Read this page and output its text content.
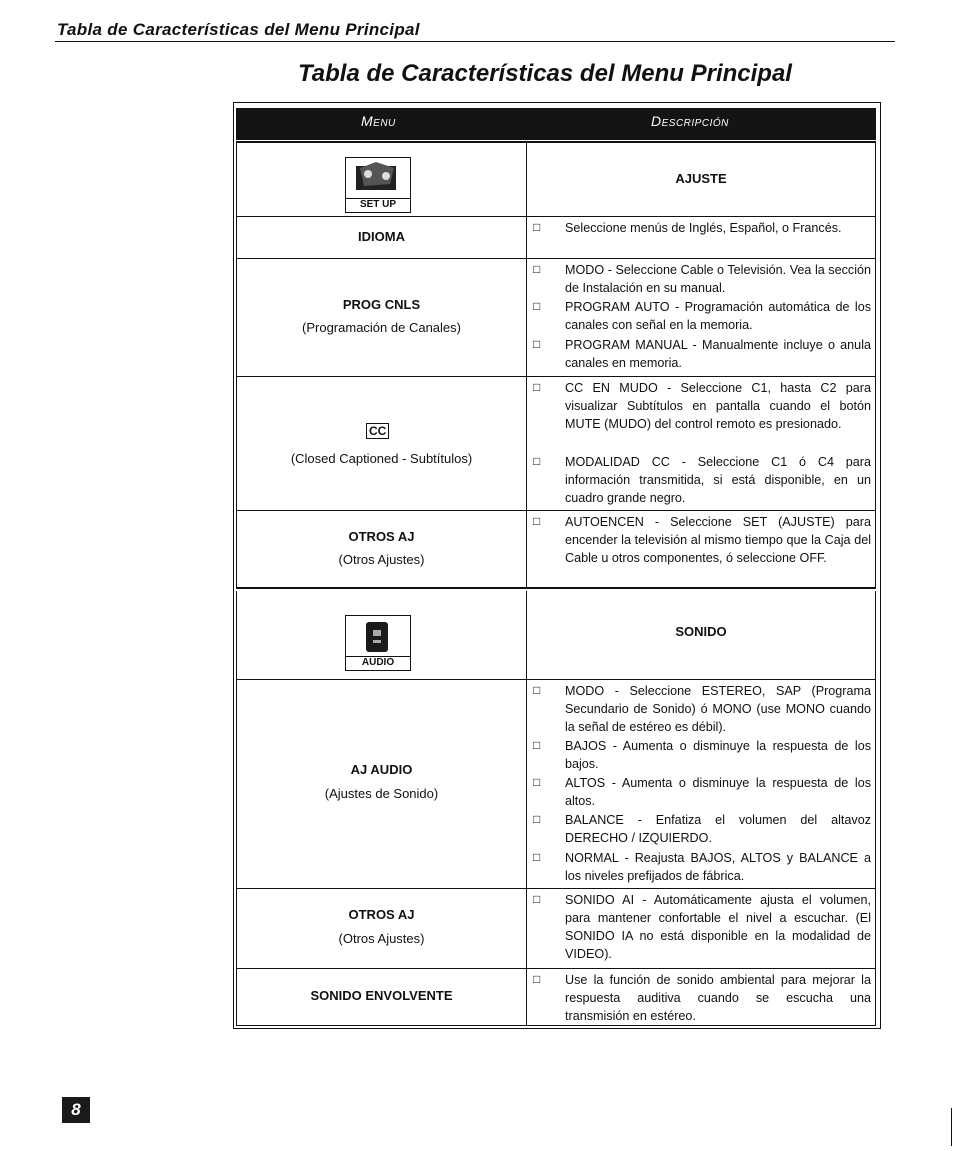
Tabla de Características del Menu Principal
Tabla de Características del Menu Principal
Menu	Descripción
SET UP
AJUSTE
IDIOMA
□ Seleccione menús de Inglés, Español, o Francés.
PROG CNLS
(Programación de Canales)
□ MODO - Seleccione Cable o Televisión. Vea la sección de Instalación en su manual.
□ PROGRAM AUTO - Programación automática de los canales con señal en la memoria.
□ PROGRAM MANUAL - Manualmente incluye o anula canales en memoria.
CC
(Closed Captioned - Subtítulos)
□ CC EN MUDO - Seleccione C1, hasta C2 para visualizar Subtítulos en pantalla cuando el botón MUTE (MUDO) del control remoto es presionado.
□ MODALIDAD CC - Seleccione C1 ó C4 para información transmitida, si está disponible, en un cuadro grande negro.
OTROS AJ
(Otros Ajustes)
□ AUTOENCEN - Seleccione SET (AJUSTE) para encender la televisión al mismo tiempo que la Caja del Cable u otros componentes, ó seleccione OFF.
AUDIO
SONIDO
AJ AUDIO
(Ajustes de Sonido)
□ MODO - Seleccione ESTEREO, SAP (Programa Secundario de Sonido) ó MONO (use MONO cuando la señal de estéreo es débil).
□ BAJOS - Aumenta o disminuye la respuesta de los bajos.
□ ALTOS - Aumenta o disminuye la respuesta de los altos.
□ BALANCE - Enfatiza el volumen del altavoz DERECHO / IZQUIERDO.
□ NORMAL - Reajusta BAJOS, ALTOS y BALANCE a los niveles prefijados de fábrica.
OTROS AJ
(Otros Ajustes)
□ SONIDO AI - Automáticamente ajusta el volumen, para mantener confortable el nivel a escuchar. (El SONIDO IA no está disponible en la modalidad de VIDEO).
SONIDO ENVOLVENTE
□ Use la función de sonido ambiental para mejorar la respuesta auditiva cuando se escucha una transmisión en estéreo.
8
